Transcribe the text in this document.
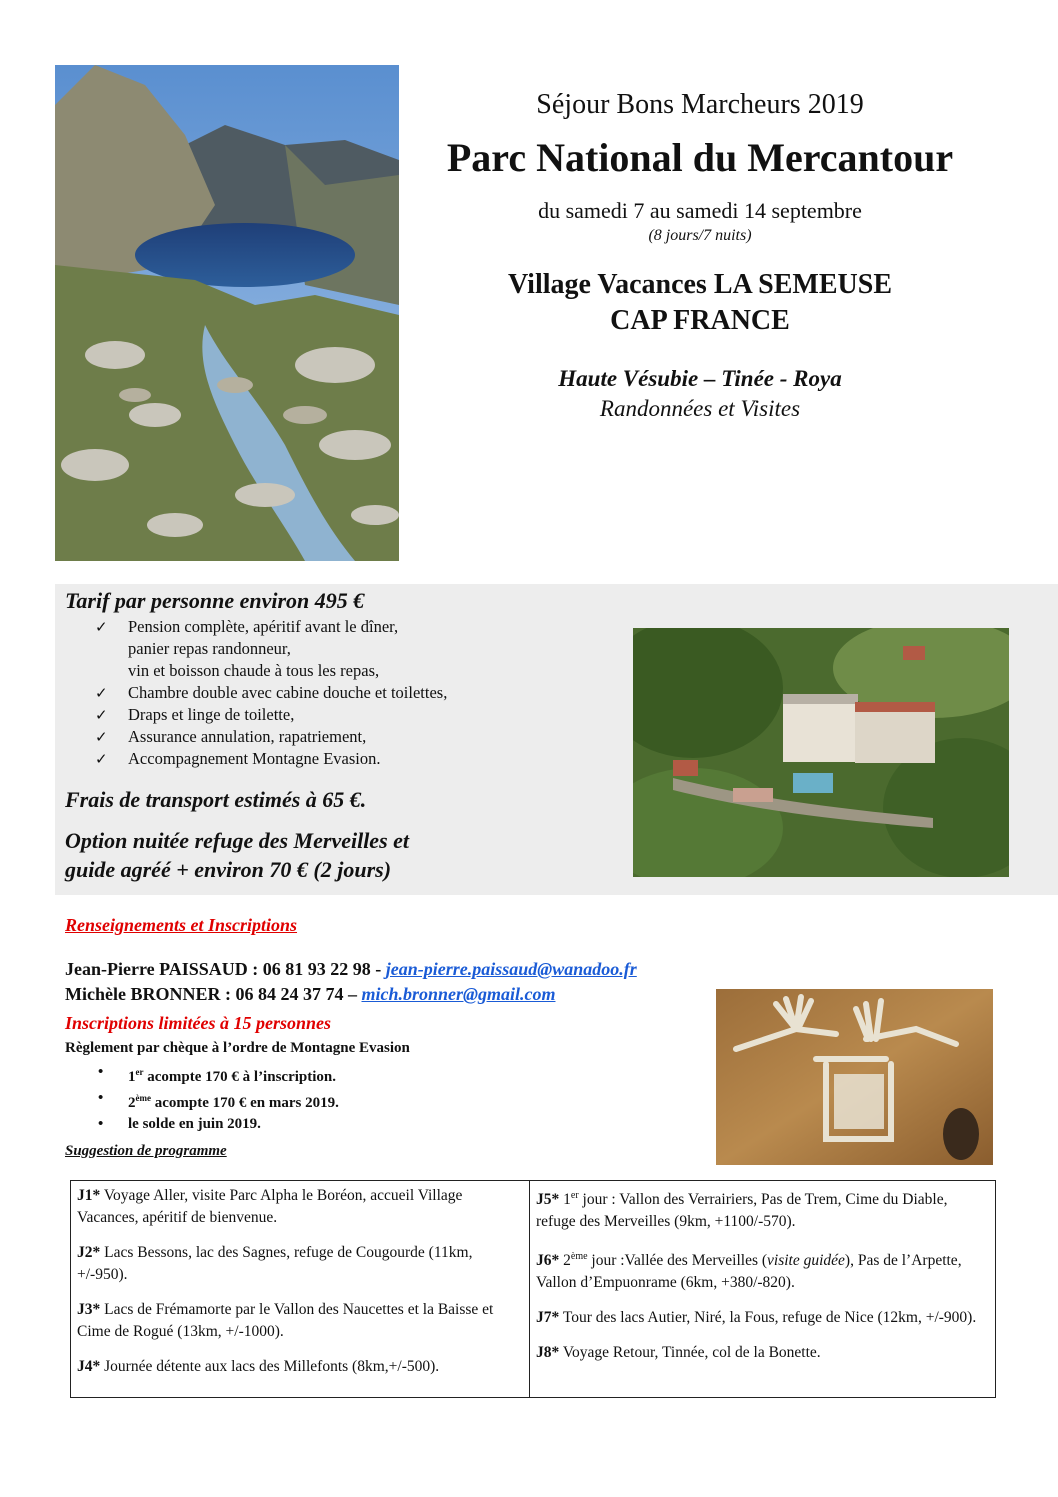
Séjour Bons Marcheurs 2019

Parc National du Mercantour

du samedi 7 au samedi 14 septembre

(8 jours/7 nuits)

Village Vacances LA SEMEUSE
CAP FRANCE

Haute Vésubie – Tinée - Roya

Randonnées et Visites

Tarif par personne environ 495 €
✓ Pension complète, apéritif avant le dîner,
panier repas randonneur,
vin et boisson chaude à tous les repas,
✓ Chambre double avec cabine douche et toilettes,
✓ Draps et linge de toilette,
✓ Assurance annulation, rapatriement,
✓ Accompagnement Montagne Evasion.
Frais de transport estimés à 65 €.
Option nuitée refuge des Merveilles et
guide agréé + environ 70 € (2 jours)
Renseignements et Inscriptions
Jean-Pierre PAISSAUD : 06 81 93 22 98 - jean-pierre.paissaud@wanadoo.fr
Michèle BRONNER : 06 84 24 37 74 – mich.bronner@gmail.com
Inscriptions limitées à 15 personnes
Règlement par chèque à l’ordre de Montagne Evasion
• 1er acompte 170 € à l’inscription.
• 2ème acompte 170 € en mars 2019.
• le solde en juin 2019.
Suggestion de programme

J1* Voyage Aller, visite Parc Alpha le Boréon, accueil Village Vacances, apéritif de bienvenue.

J2* Lacs Bessons, lac des Sagnes, refuge de Cougourde (11km, +/-950).

J3* Lacs de Frémamorte par le Vallon des Naucettes et la Baisse et Cime de Rogué (13km, +/-1000).

J4* Journée détente aux lacs des Millefonts (8km,+/-500).

J5* 1er jour : Vallon des Verrairiers, Pas de Trem, Cime du Diable, refuge des Merveilles (9km, +1100/-570).

J6* 2ème jour :Vallée des Merveilles (visite guidée), Pas de l’Arpette, Vallon d’Empuonrame (6km, +380/-820).

J7* Tour des lacs Autier, Niré, la Fous, refuge de Nice (12km, +/-900).

J8* Voyage Retour, Tinnée, col de la Bonette.
